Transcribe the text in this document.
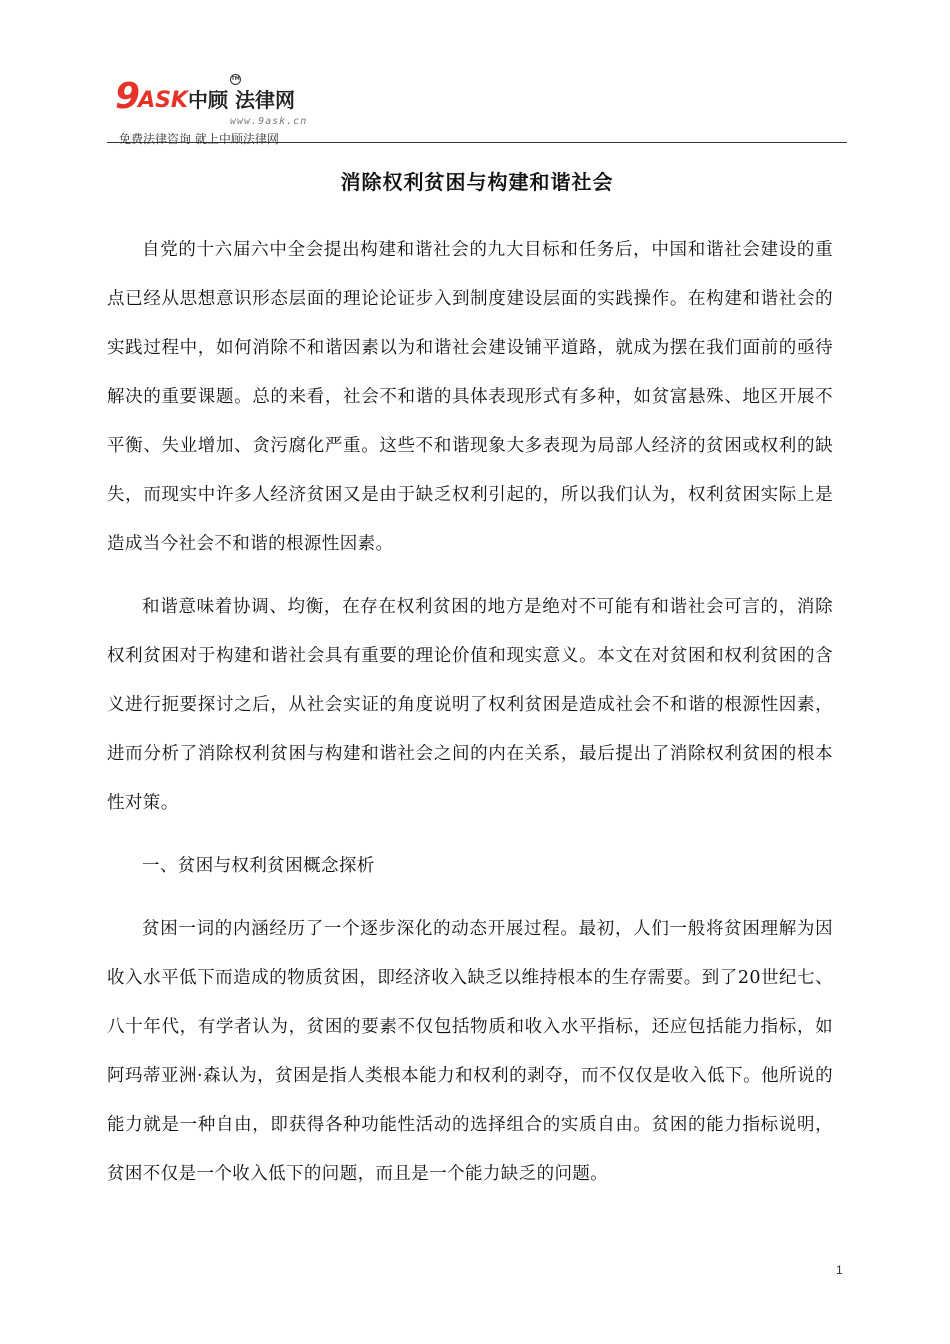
9ASK中顾 法律网
TM
www.9ask.cn
免费法律咨询 就上中顾法律网
消除权利贫困与构建和谐社会

自党的十六届六中全会提出构建和谐社会的九大目标和任务后，中国和谐社会建设的重点已经从思想意识形态层面的理论论证步入到制度建设层面的实践操作。在构建和谐社会的实践过程中，如何消除不和谐因素以为和谐社会建设铺平道路，就成为摆在我们面前的亟待解决的重要课题。总的来看，社会不和谐的具体表现形式有多种，如贫富悬殊、地区开展不平衡、失业增加、贪污腐化严重。这些不和谐现象大多表现为局部人经济的贫困或权利的缺失，而现实中许多人经济贫困又是由于缺乏权利引起的，所以我们认为，权利贫困实际上是造成当今社会不和谐的根源性因素。

和谐意味着协调、均衡，在存在权利贫困的地方是绝对不可能有和谐社会可言的，消除权利贫困对于构建和谐社会具有重要的理论价值和现实意义。本文在对贫困和权利贫困的含义进行扼要探讨之后，从社会实证的角度说明了权利贫困是造成社会不和谐的根源性因素，进而分析了消除权利贫困与构建和谐社会之间的内在关系，最后提出了消除权利贫困的根本性对策。

一、贫困与权利贫困概念探析

贫困一词的内涵经历了一个逐步深化的动态开展过程。最初，人们一般将贫困理解为因收入水平低下而造成的物质贫困，即经济收入缺乏以维持根本的生存需要。到了20世纪七、八十年代，有学者认为，贫困的要素不仅包括物质和收入水平指标，还应包括能力指标，如阿玛蒂亚洲·森认为，贫困是指人类根本能力和权利的剥夺，而不仅仅是收入低下。他所说的能力就是一种自由，即获得各种功能性活动的选择组合的实质自由。贫困的能力指标说明，贫困不仅是一个收入低下的问题，而且是一个能力缺乏的问题。

1
